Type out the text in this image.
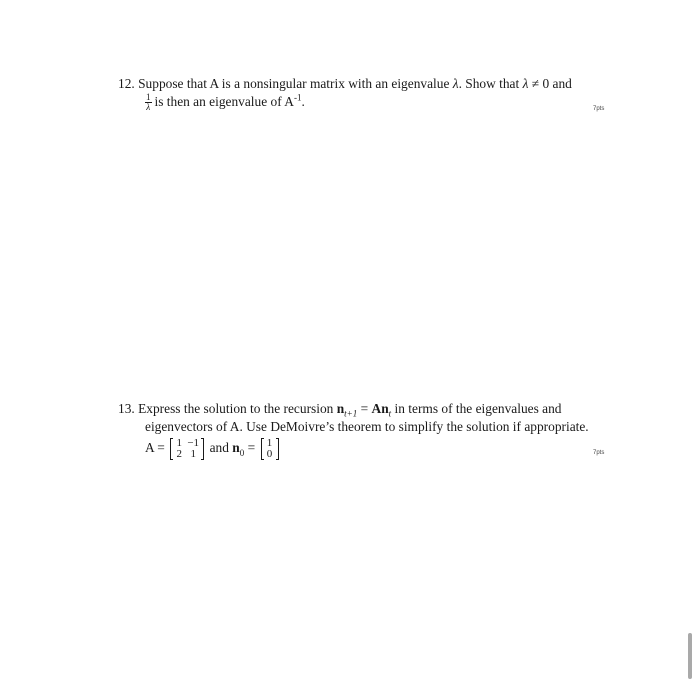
12. Suppose that A is a nonsingular matrix with an eigenvalue λ. Show that λ ≠ 0 and
$\frac{1}{\lambda}$ is then an eigenvalue of $A^{-1}$.	7pts
13. Express the solution to the recursion $n_{t+1} = An_t$ in terms of the eigenvalues and
eigenvectors of A. Use DeMoivre’s theorem to simplify the solution if appropriate.
A = 1 −1
2 1	and $n_0 = 1$
0	7pts
